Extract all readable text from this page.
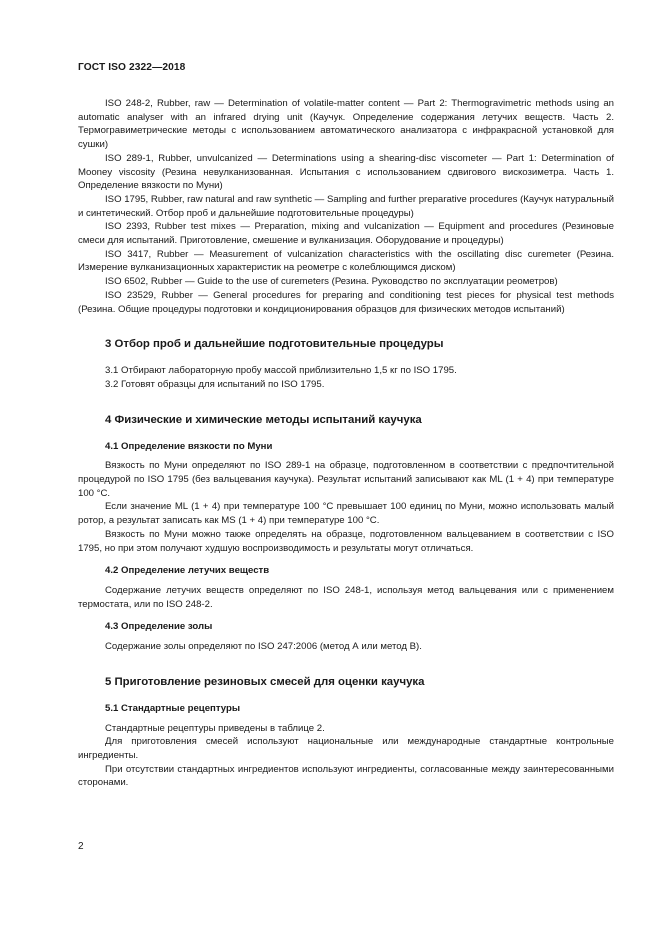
ГОСТ ISO 2322—2018

ISO 248-2, Rubber, raw — Determination of volatile-matter content — Part 2: Thermogravimetric methods using an automatic analyser with an infrared drying unit (Каучук. Определение содержания летучих веществ. Часть 2. Термогравиметрические методы с использованием автоматического анализатора с инфракрасной установкой для сушки)

ISO 289-1, Rubber, unvulcanized — Determinations using a shearing-disc viscometer — Part 1: Determination of Mooney viscosity (Резина невулканизованная. Испытания с использованием сдвигового вискозиметра. Часть 1. Определение вязкости по Муни)

ISO 1795, Rubber, raw natural and raw synthetic — Sampling and further preparative procedures (Каучук натуральный и синтетический. Отбор проб и дальнейшие подготовительные процедуры)

ISO 2393, Rubber test mixes — Preparation, mixing and vulcanization — Equipment and procedures (Резиновые смеси для испытаний. Приготовление, смешение и вулканизация. Оборудование и процедуры)

ISO 3417, Rubber — Measurement of vulcanization characteristics with the oscillating disc curemeter (Резина. Измерение вулканизационных характеристик на реометре с колеблющимся диском)

ISO 6502, Rubber — Guide to the use of curemeters (Резина. Руководство по эксплуатации реометров)

ISO 23529, Rubber — General procedures for preparing and conditioning test pieces for physical test methods (Резина. Общие процедуры подготовки и кондиционирования образцов для физических методов испытаний)

3 Отбор проб и дальнейшие подготовительные процедуры

3.1 Отбирают лабораторную пробу массой приблизительно 1,5 кг по ISO 1795.

3.2 Готовят образцы для испытаний по ISO 1795.

4 Физические и химические методы испытаний каучука
4.1 Определение вязкости по Муни

Вязкость по Муни определяют по ISO 289-1 на образце, подготовленном в соответствии с предпочтительной процедурой по ISO 1795 (без вальцевания каучука). Результат испытаний записывают как ML (1 + 4) при температуре 100 °С.

Если значение ML (1 + 4) при температуре 100 °С превышает 100 единиц по Муни, можно использовать малый ротор, а результат записать как MS (1 + 4) при температуре 100 °С.

Вязкость по Муни можно также определять на образце, подготовленном вальцеванием в соответствии с ISO 1795, но при этом получают худшую воспроизводимость и результаты могут отличаться.

4.2 Определение летучих веществ

Содержание летучих веществ определяют по ISO 248-1, используя метод вальцевания или с применением термостата, или по ISO 248-2.

4.3 Определение золы

Содержание золы определяют по ISO 247:2006 (метод А или метод В).

5 Приготовление резиновых смесей для оценки каучука
5.1 Стандартные рецептуры

Стандартные рецептуры приведены в таблице 2.

Для приготовления смесей используют национальные или международные стандартные контрольные ингредиенты.

При отсутствии стандартных ингредиентов используют ингредиенты, согласованные между заинтересованными сторонами.

2
